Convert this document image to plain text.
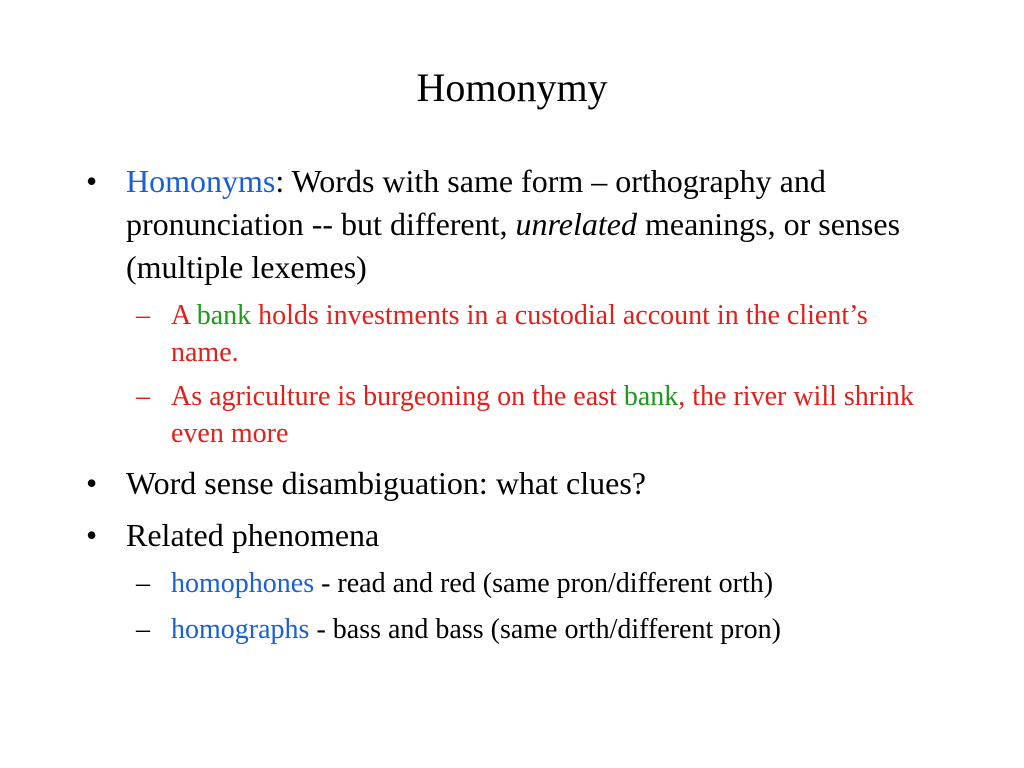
Homonymy
• Homonyms: Words with same form – orthography and pronunciation -- but different, unrelated meanings, or senses (multiple lexemes)
– A bank holds investments in a custodial account in the client’s name.
– As agriculture is burgeoning on the east bank, the river will shrink even more
• Word sense disambiguation: what clues?
• Related phenomena
– homophones - read and red (same pron/different orth)
– homographs - bass and bass (same orth/different pron)
